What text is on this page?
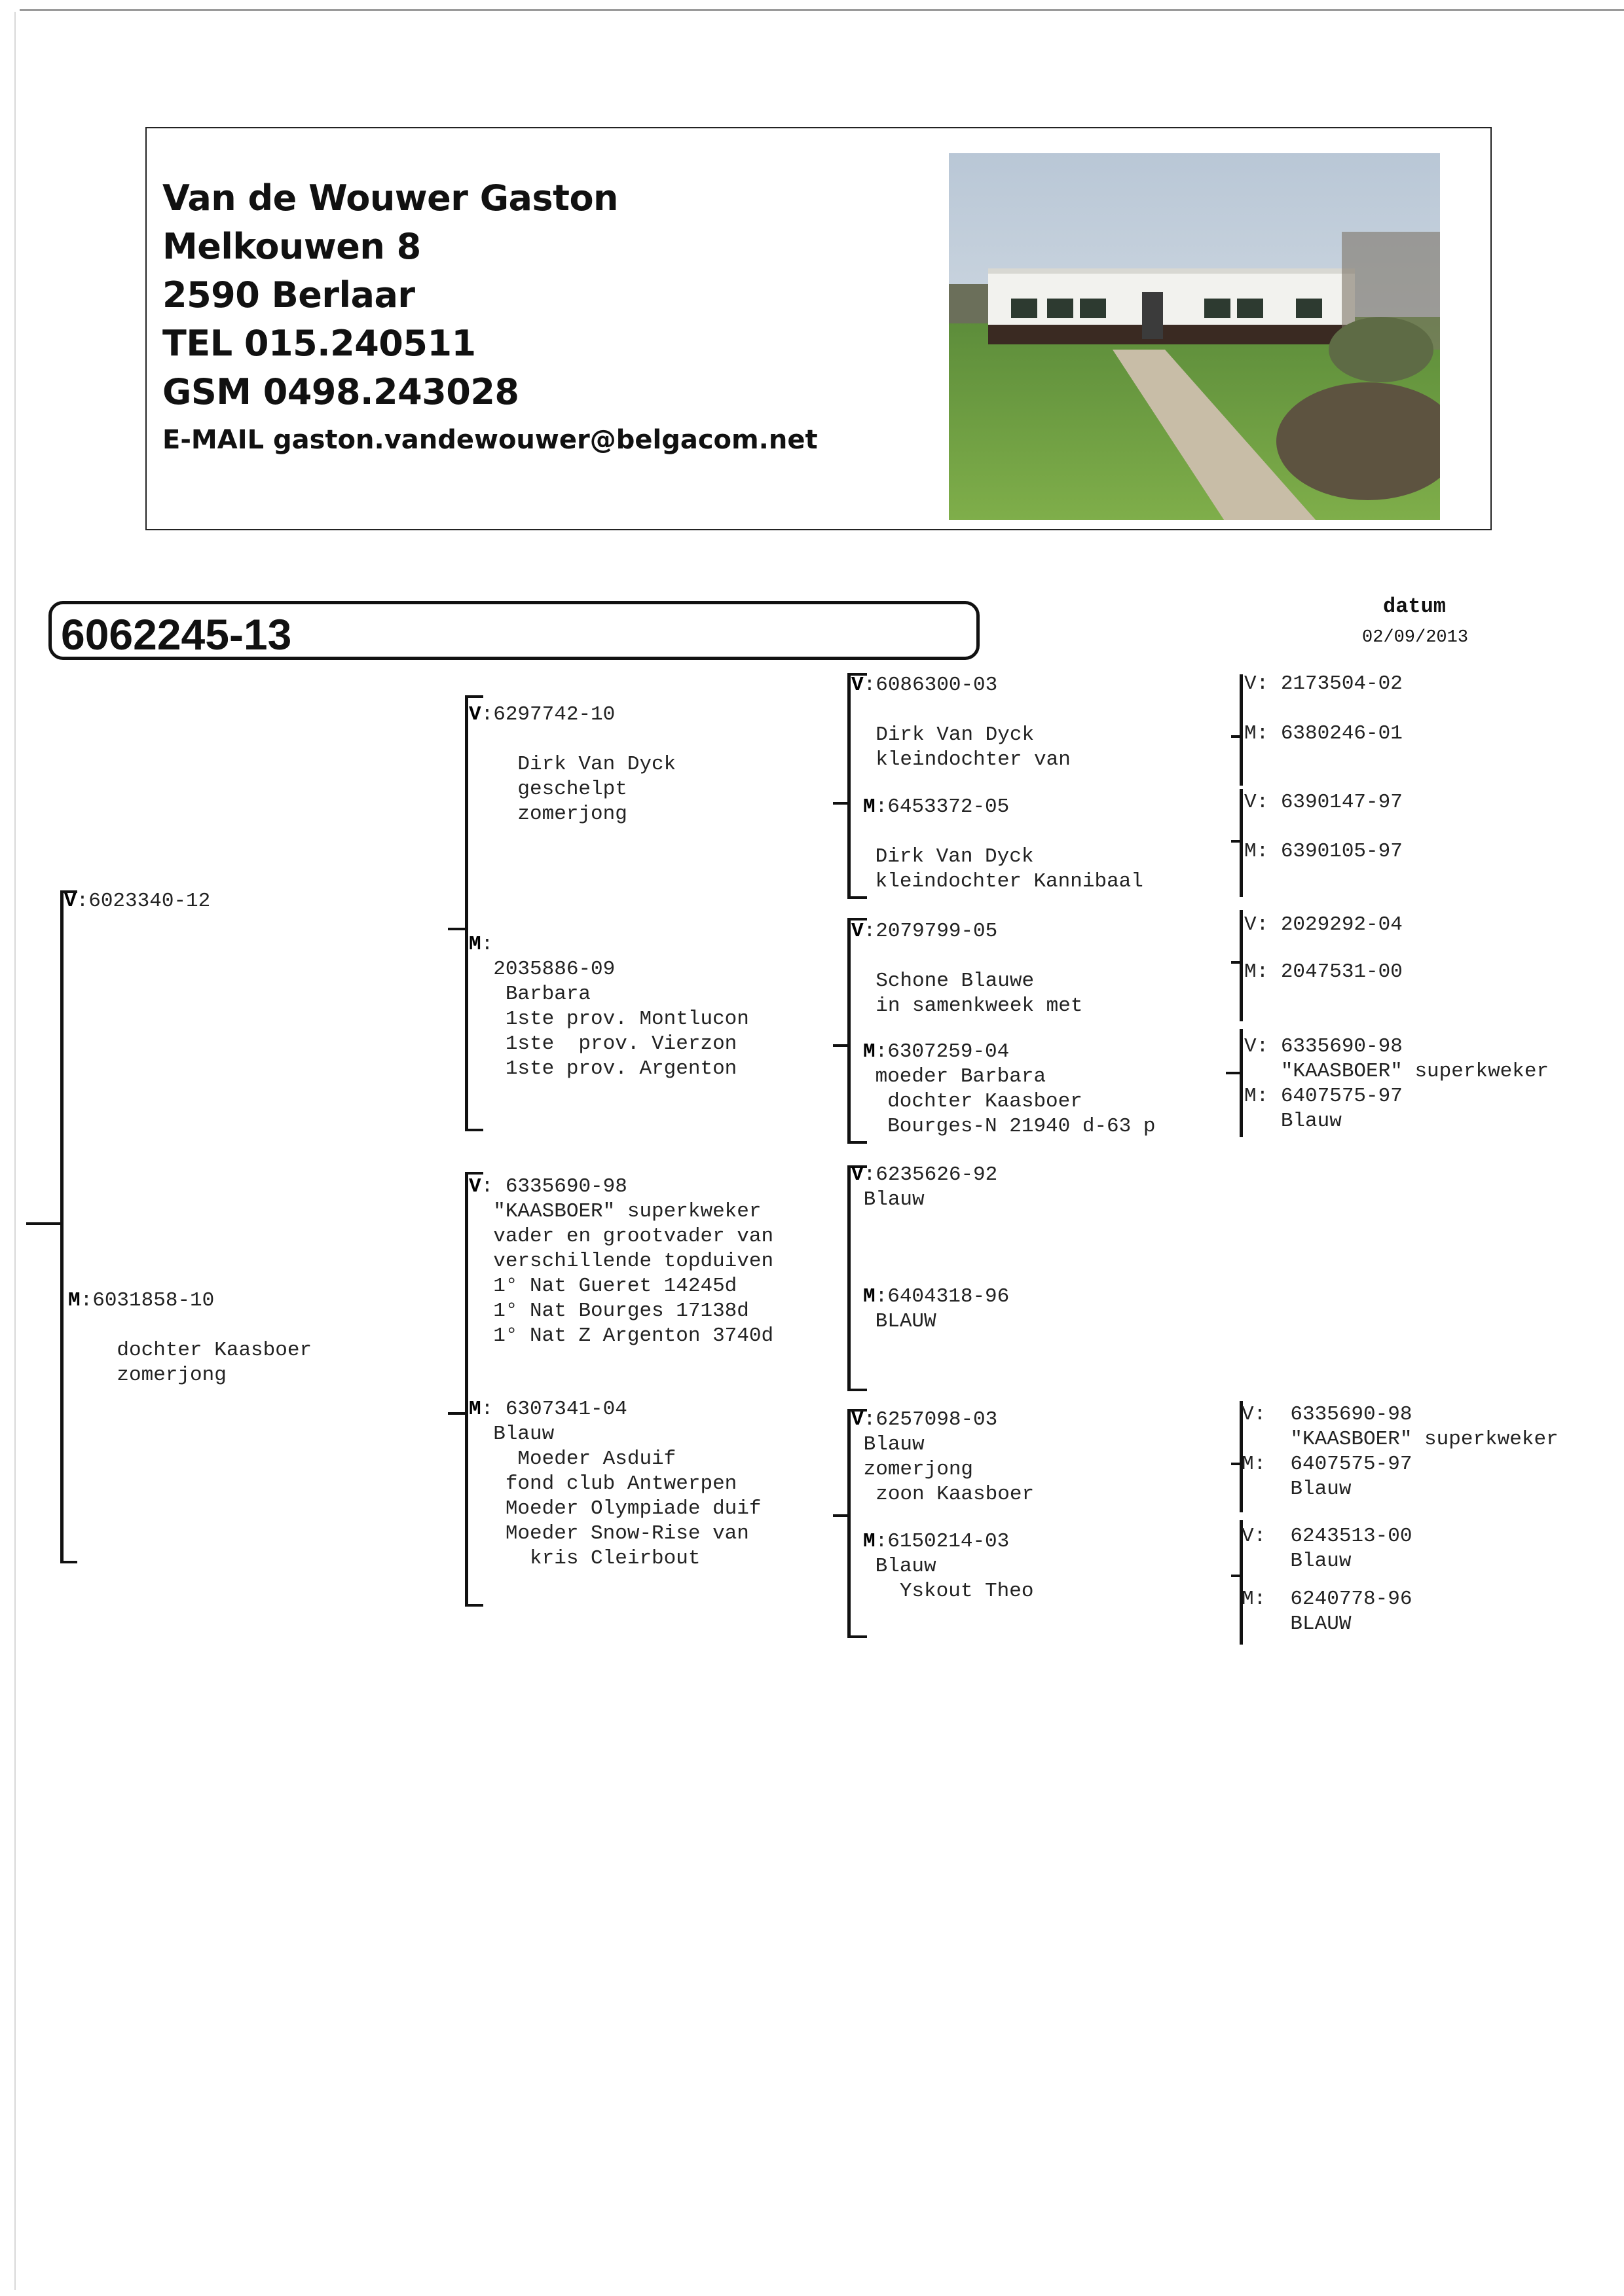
Van de Wouwer Gaston
Melkouwen 8
2590 Berlaar
TEL 015.240511
GSM 0498.243028
E-MAIL gaston.vandewouwer@belgacom.net
6062245-13
datum
02/09/2013
V:6023340-12
M:6031858-10

dochter Kaasboer
zomerjong
V:6297742-10

Dirk Van Dyck
geschelpt
zomerjong
M:
2035886-09
Barbara
1ste prov. Montlucon
1ste  prov. Vierzon
1ste prov. Argenton
V: 6335690-98
"KAASBOER" superkweker
vader en grootvader van
verschillende topduiven
1° Nat Gueret 14245d
1° Nat Bourges 17138d
1° Nat Z Argenton 3740d
M: 6307341-04
Blauw
Moeder Asduif
fond club Antwerpen
Moeder Olympiade duif
Moeder Snow-Rise van
kris Cleirbout
V:6086300-03

Dirk Van Dyck
kleindochter van
M:6453372-05

Dirk Van Dyck
kleindochter Kannibaal
V:2079799-05

Schone Blauwe
in samenkweek met
M:6307259-04
moeder Barbara
dochter Kaasboer
Bourges-N 21940 d-63 p
V:6235626-92
Blauw
M:6404318-96
BLAUW
V:6257098-03
Blauw
zomerjong
zoon Kaasboer
M:6150214-03
Blauw
Yskout Theo
V: 2173504-02
M: 6380246-01
V: 6390147-97
M: 6390105-97
V: 2029292-04
M: 2047531-00
V: 6335690-98
"KAASBOER" superkweker
M: 6407575-97
Blauw
V:  6335690-98
"KAASBOER" superkweker
M:  6407575-97
Blauw
V:  6243513-00
Blauw
M:  6240778-96
BLAUW
